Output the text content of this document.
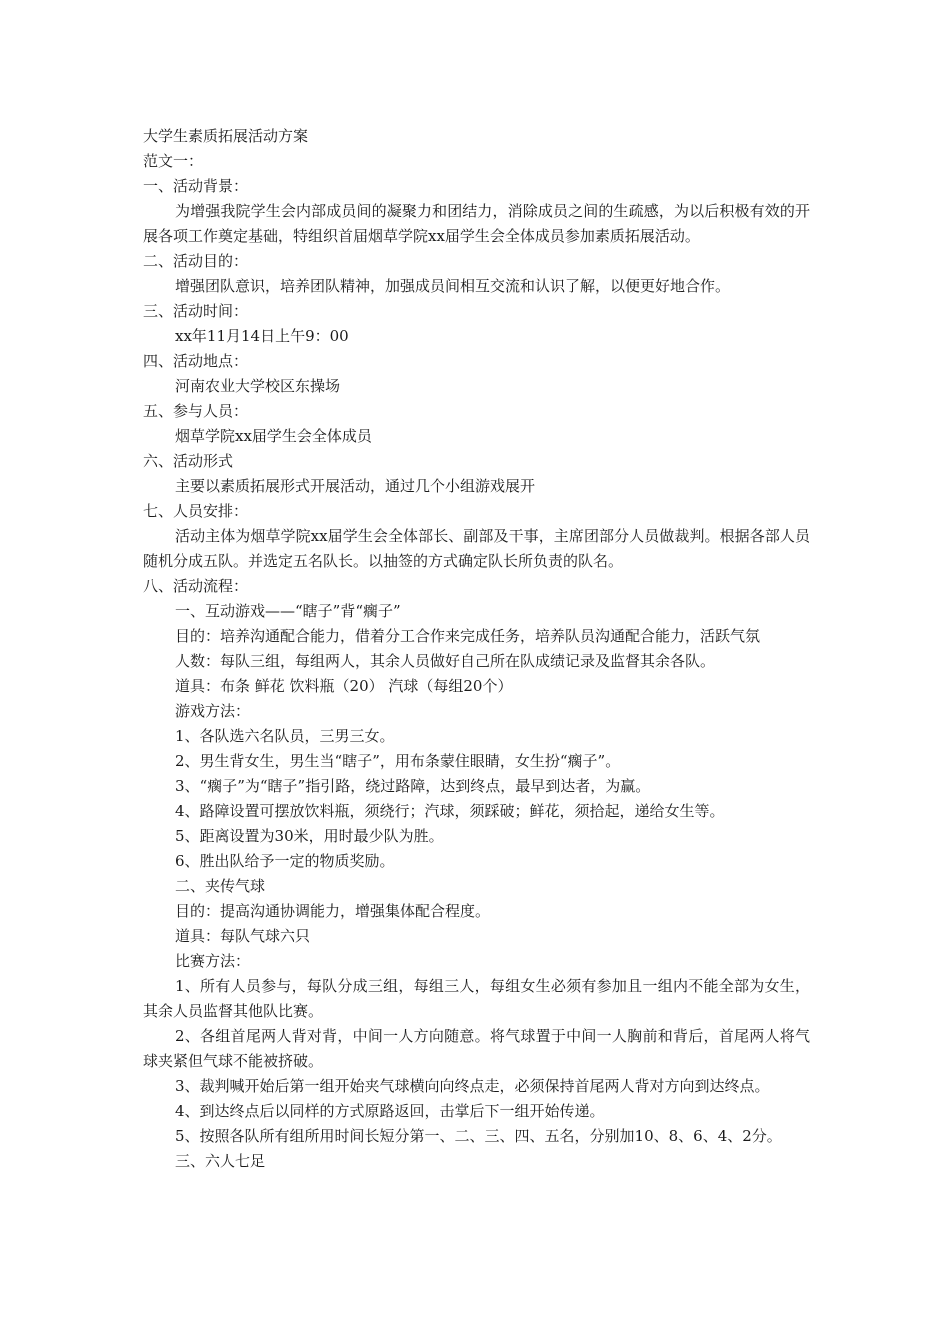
大学生素质拓展活动方案

范文一：

一、活动背景：

为增强我院学生会内部成员间的凝聚力和团结力，消除成员之间的生疏感，为以后积极有效的开展各项工作奠定基础，特组织首届烟草学院xx届学生会全体成员参加素质拓展活动。

二、活动目的：

增强团队意识，培养团队精神，加强成员间相互交流和认识了解，以便更好地合作。

三、活动时间：

xx年11月14日上午9：00

四、活动地点：

河南农业大学校区东操场

五、参与人员：

烟草学院xx届学生会全体成员

六、活动形式

主要以素质拓展形式开展活动，通过几个小组游戏展开

七、人员安排：

活动主体为烟草学院xx届学生会全体部长、副部及干事，主席团部分人员做裁判。根据各部人员随机分成五队。并选定五名队长。以抽签的方式确定队长所负责的队名。

八、活动流程：

一、互动游戏——“瞎子”背“瘸子”

目的：培养沟通配合能力，借着分工合作来完成任务，培养队员沟通配合能力，活跃气氛

人数：每队三组，每组两人，其余人员做好自己所在队成绩记录及监督其余各队。

道具：布条 鲜花 饮料瓶（20） 汽球（每组20个）

游戏方法：

1、各队选六名队员，三男三女。

2、男生背女生，男生当“瞎子”，用布条蒙住眼睛，女生扮“瘸子”。

3、“瘸子”为“瞎子”指引路，绕过路障，达到终点，最早到达者，为赢。

4、路障设置可摆放饮料瓶，须绕行；汽球，须踩破；鲜花，须拾起，递给女生等。

5、距离设置为30米，用时最少队为胜。

6、胜出队给予一定的物质奖励。

二、夹传气球

目的：提高沟通协调能力，增强集体配合程度。

道具：每队气球六只

比赛方法：

1、所有人员参与，每队分成三组，每组三人，每组女生必须有参加且一组内不能全部为女生，其余人员监督其他队比赛。

2、各组首尾两人背对背，中间一人方向随意。将气球置于中间一人胸前和背后，首尾两人将气球夹紧但气球不能被挤破。

3、裁判喊开始后第一组开始夹气球横向向终点走，必须保持首尾两人背对方向到达终点。

4、到达终点后以同样的方式原路返回，击掌后下一组开始传递。

5、按照各队所有组所用时间长短分第一、二、三、四、五名，分别加10、8、6、4、2分。

三、六人七足
